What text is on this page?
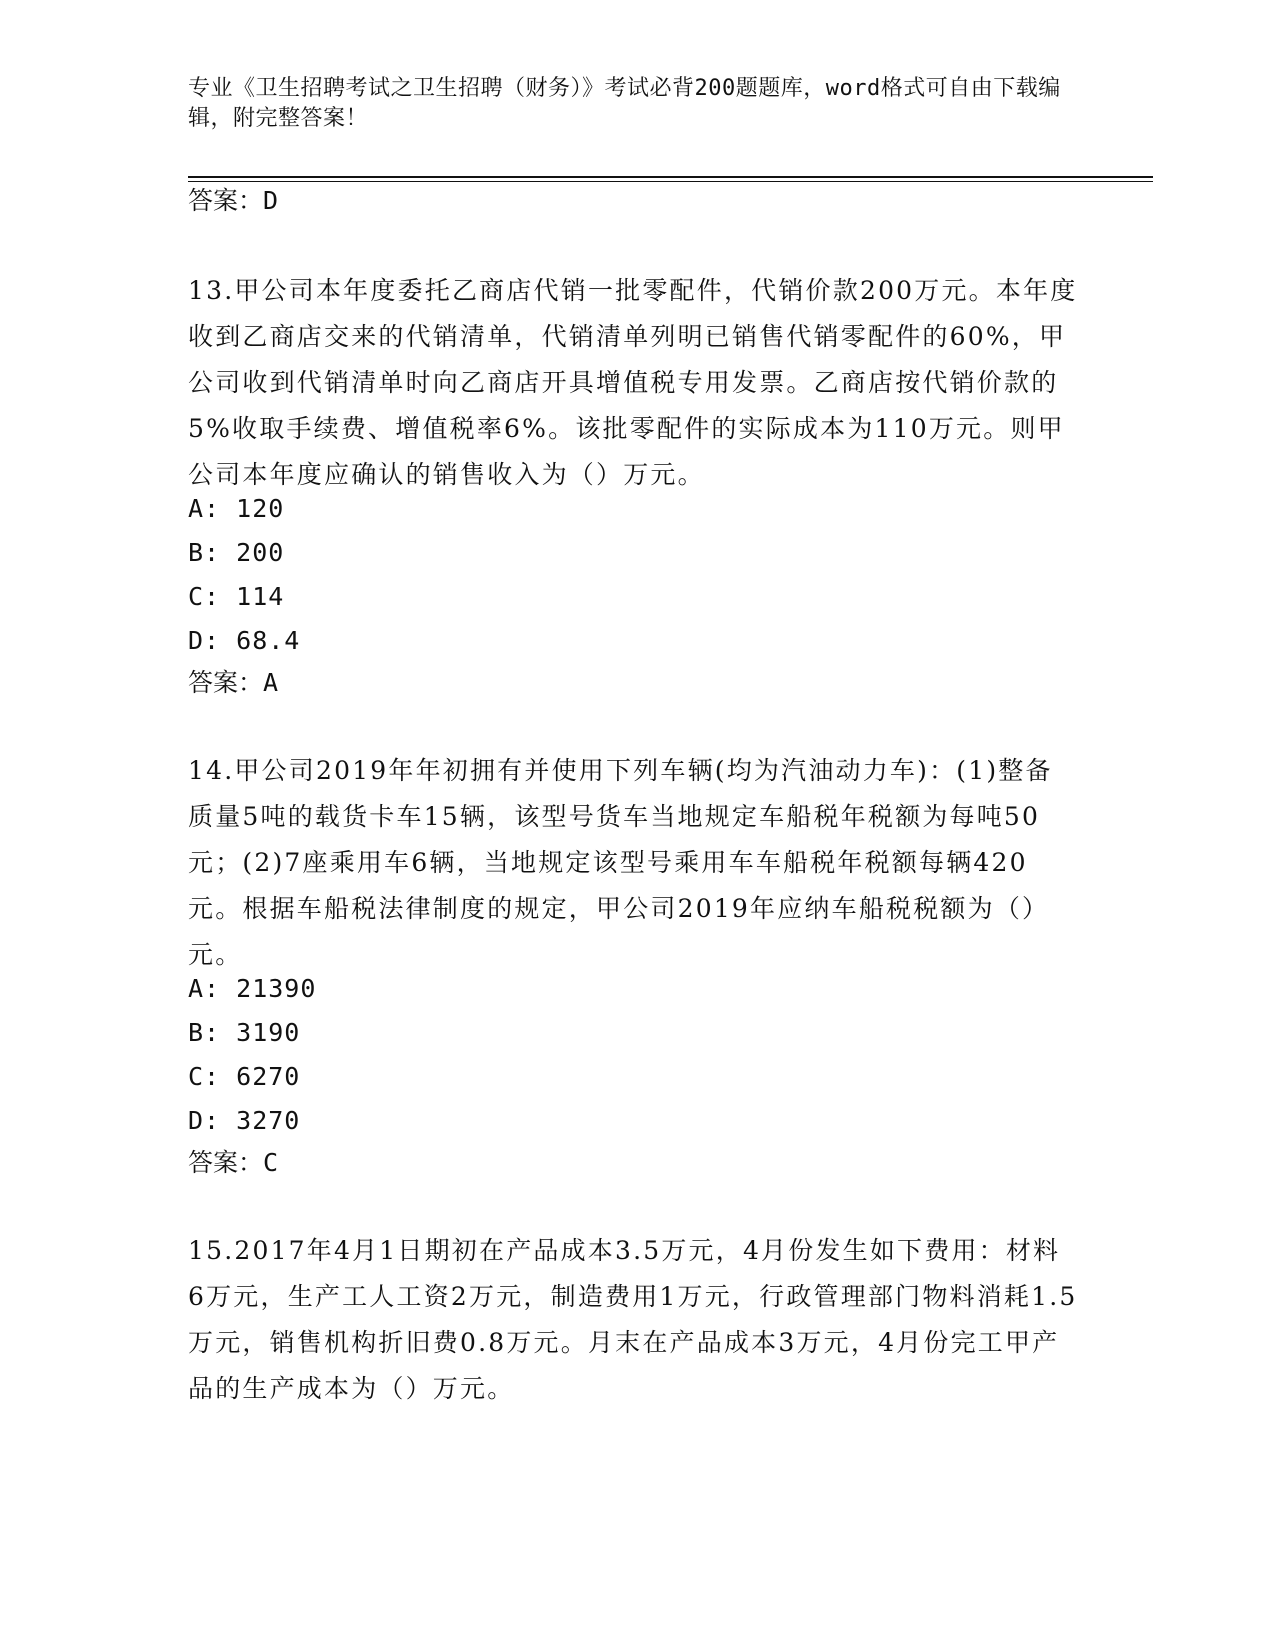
专业《卫生招聘考试之卫生招聘（财务）》考试必背200题题库，word格式可自由下载编辑，附完整答案！
答案：D
13.甲公司本年度委托乙商店代销一批零配件，代销价款200万元。本年度收到乙商店交来的代销清单，代销清单列明已销售代销零配件的60%，甲公司收到代销清单时向乙商店开具增值税专用发票。乙商店按代销价款的5%收取手续费、增值税率6%。该批零配件的实际成本为110万元。则甲公司本年度应确认的销售收入为（）万元。
A: 120
B: 200
C: 114
D: 68.4
答案：A
14.甲公司2019年年初拥有并使用下列车辆(均为汽油动力车)：(1)整备质量5吨的载货卡车15辆，该型号货车当地规定车船税年税额为每吨50元；(2)7座乘用车6辆，当地规定该型号乘用车车船税年税额每辆420元。根据车船税法律制度的规定，甲公司2019年应纳车船税税额为（）元。
A: 21390
B: 3190
C: 6270
D: 3270
答案：C
15.2017年4月1日期初在产品成本3.5万元，4月份发生如下费用：材料6万元，生产工人工资2万元，制造费用1万元，行政管理部门物料消耗1.5万元，销售机构折旧费0.8万元。月末在产品成本3万元，4月份完工甲产品的生产成本为（）万元。
